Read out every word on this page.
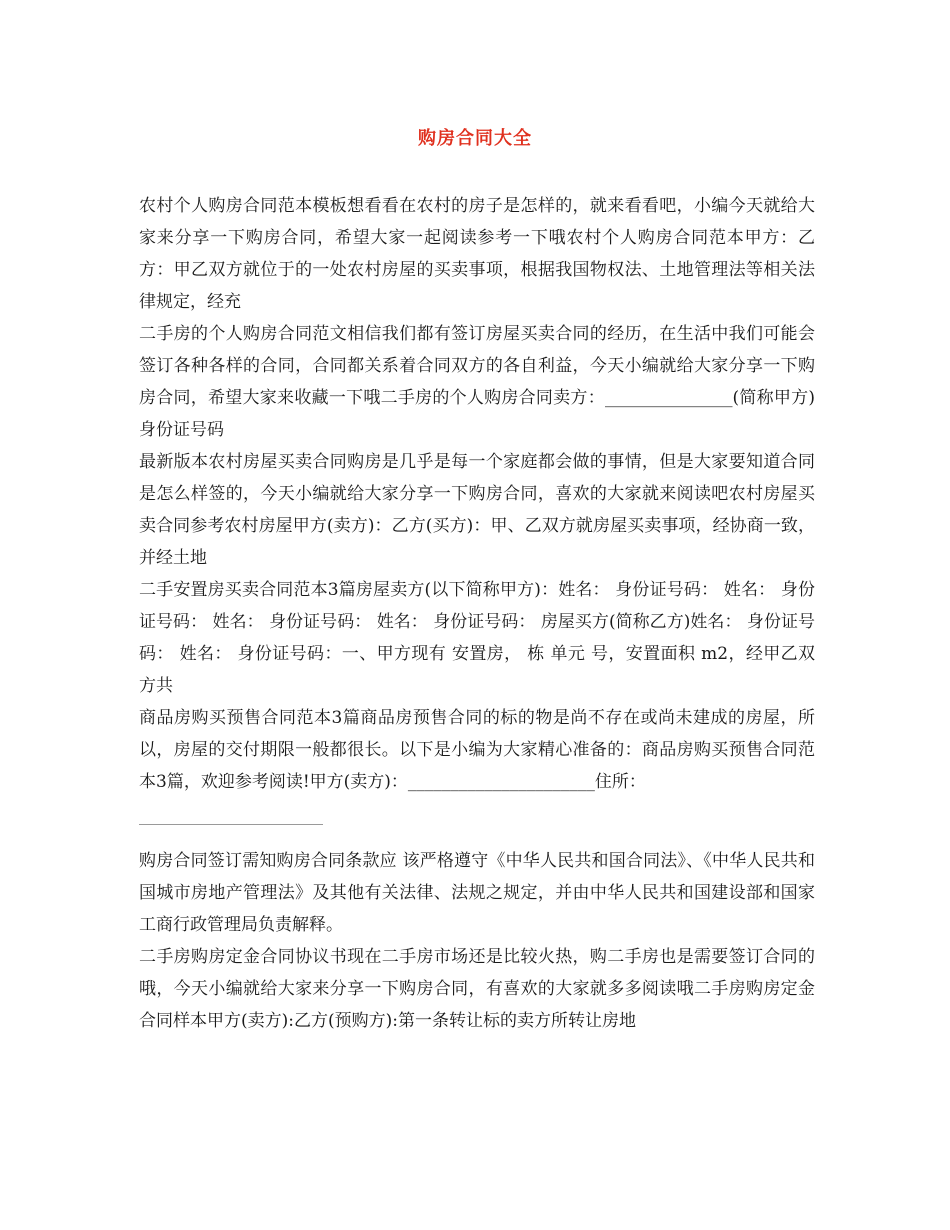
购房合同大全

农村个人购房合同范本模板想看看在农村的房子是怎样的，就来看看吧，小编今天就给大家来分享一下购房合同，希望大家一起阅读参考一下哦农村个人购房合同范本甲方：乙方：甲乙双方就位于的一处农村房屋的买卖事项，根据我国物权法、土地管理法等相关法律规定，经充

二手房的个人购房合同范文相信我们都有签订房屋买卖合同的经历，在生活中我们可能会签订各种各样的合同，合同都关系着合同双方的各自利益，今天小编就给大家分享一下购房合同，希望大家来收藏一下哦二手房的个人购房合同卖方：_______________(简称甲方)身份证号码

最新版本农村房屋买卖合同购房是几乎是每一个家庭都会做的事情，但是大家要知道合同是怎么样签的，今天小编就给大家分享一下购房合同，喜欢的大家就来阅读吧农村房屋买卖合同参考农村房屋甲方(卖方)：乙方(买方)：甲、乙双方就房屋买卖事项，经协商一致，并经土地

二手安置房买卖合同范本3篇房屋卖方(以下简称甲方)：姓名： 身份证号码： 姓名： 身份证号码： 姓名： 身份证号码： 姓名： 身份证号码： 房屋买方(简称乙方)姓名： 身份证号码： 姓名： 身份证号码：一、甲方现有 安置房， 栋 单元 号，安置面积 m2，经甲乙双方共

商品房购买预售合同范本3篇商品房预售合同的标的物是尚不存在或尚未建成的房屋，所以，房屋的交付期限一般都很长。以下是小编为大家精心准备的：商品房购买预售合同范本3篇，欢迎参考阅读!甲方(卖方)：______________________住所：

购房合同签订需知购房合同条款应 该严格遵守《中华人民共和国合同法》、《中华人民共和国城市房地产管理法》及其他有关法律、法规之规定，并由中华人民共和国建设部和国家工商行政管理局负责解释。

二手房购房定金合同协议书现在二手房市场还是比较火热，购二手房也是需要签订合同的哦，今天小编就给大家来分享一下购房合同，有喜欢的大家就多多阅读哦二手房购房定金合同样本甲方(卖方):乙方(预购方):第一条转让标的卖方所转让房地
